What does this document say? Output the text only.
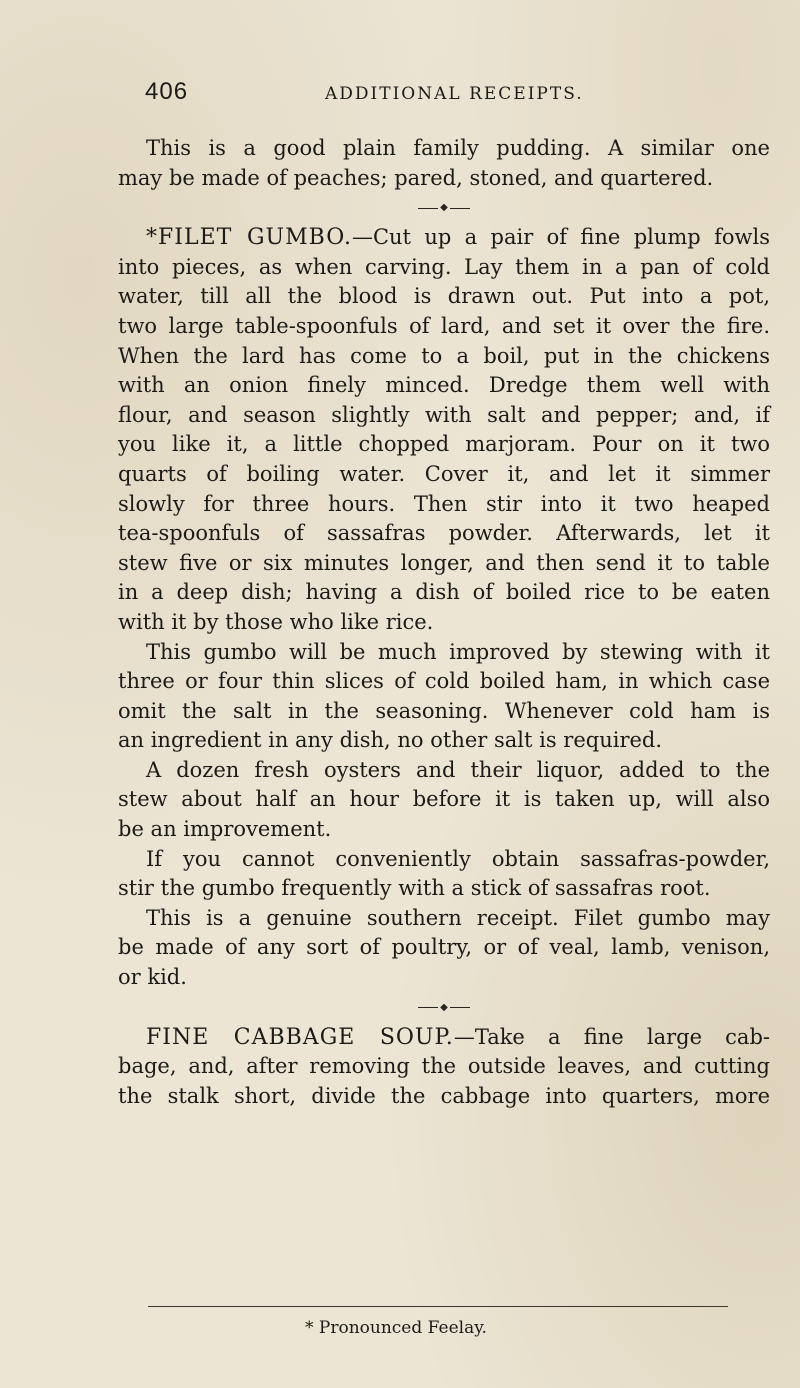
406	ADDITIONAL RECEIPTS.
This is a good plain family pudding. A similar one
may be made of peaches; pared, stoned, and quartered.
◆
*FILET GUMBO.—Cut up a pair of fine plump fowls
into pieces, as when carving. Lay them in a pan of cold
water, till all the blood is drawn out. Put into a pot,
two large table-spoonfuls of lard, and set it over the fire.
When the lard has come to a boil, put in the chickens
with an onion finely minced. Dredge them well with
flour, and season slightly with salt and pepper; and, if
you like it, a little chopped marjoram. Pour on it two
quarts of boiling water. Cover it, and let it simmer
slowly for three hours. Then stir into it two heaped
tea-spoonfuls of sassafras powder. Afterwards, let it
stew five or six minutes longer, and then send it to table
in a deep dish; having a dish of boiled rice to be eaten
with it by those who like rice.
This gumbo will be much improved by stewing with it
three or four thin slices of cold boiled ham, in which case
omit the salt in the seasoning. Whenever cold ham is
an ingredient in any dish, no other salt is required.
A dozen fresh oysters and their liquor, added to the
stew about half an hour before it is taken up, will also
be an improvement.
If you cannot conveniently obtain sassafras-powder,
stir the gumbo frequently with a stick of sassafras root.
This is a genuine southern receipt. Filet gumbo may
be made of any sort of poultry, or of veal, lamb, venison,
or kid.
◆
FINE CABBAGE SOUP.—Take a fine large cab-
bage, and, after removing the outside leaves, and cutting
the stalk short, divide the cabbage into quarters, more
* Pronounced Feelay.
